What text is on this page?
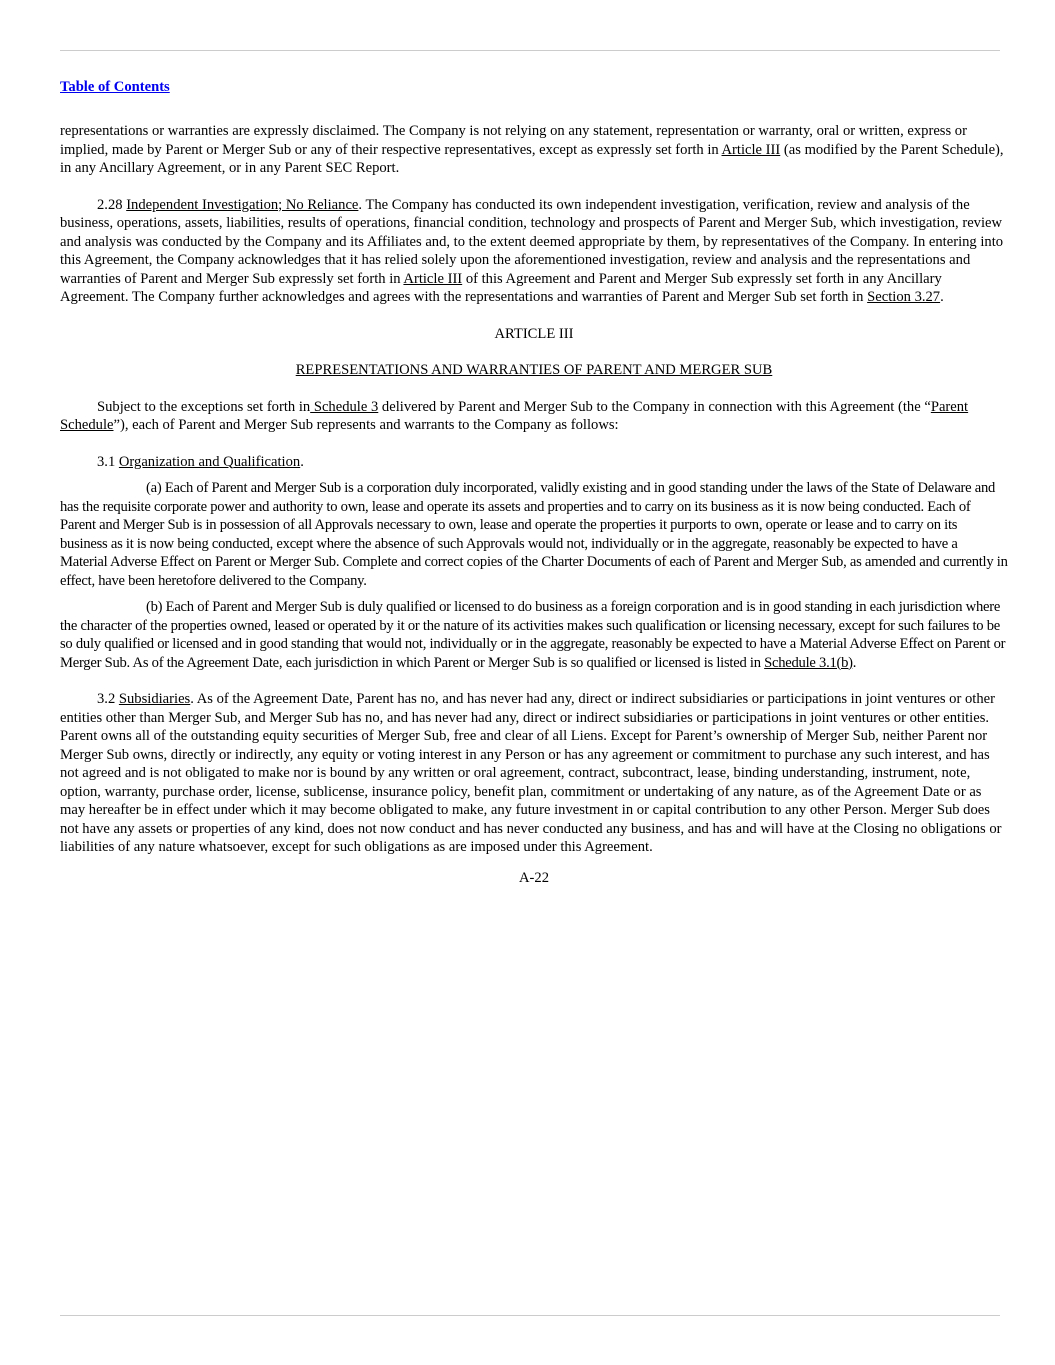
Table of Contents

representations or warranties are expressly disclaimed. The Company is not relying on any statement, representation or warranty, oral or written, express or implied, made by Parent or Merger Sub or any of their respective representatives, except as expressly set forth in Article III (as modified by the Parent Schedule), in any Ancillary Agreement, or in any Parent SEC Report.

2.28 Independent Investigation; No Reliance. The Company has conducted its own independent investigation, verification, review and analysis of the business, operations, assets, liabilities, results of operations, financial condition, technology and prospects of Parent and Merger Sub, which investigation, review and analysis was conducted by the Company and its Affiliates and, to the extent deemed appropriate by them, by representatives of the Company. In entering into this Agreement, the Company acknowledges that it has relied solely upon the aforementioned investigation, review and analysis and the representations and warranties of Parent and Merger Sub expressly set forth in Article III of this Agreement and Parent and Merger Sub expressly set forth in any Ancillary Agreement. The Company further acknowledges and agrees with the representations and warranties of Parent and Merger Sub set forth in Section 3.27.

ARTICLE III

REPRESENTATIONS AND WARRANTIES OF PARENT AND MERGER SUB

Subject to the exceptions set forth in Schedule 3 delivered by Parent and Merger Sub to the Company in connection with this Agreement (the “Parent Schedule”), each of Parent and Merger Sub represents and warrants to the Company as follows:

3.1 Organization and Qualification.

(a) Each of Parent and Merger Sub is a corporation duly incorporated, validly existing and in good standing under the laws of the State of Delaware and has the requisite corporate power and authority to own, lease and operate its assets and properties and to carry on its business as it is now being conducted. Each of Parent and Merger Sub is in possession of all Approvals necessary to own, lease and operate the properties it purports to own, operate or lease and to carry on its business as it is now being conducted, except where the absence of such Approvals would not, individually or in the aggregate, reasonably be expected to have a Material Adverse Effect on Parent or Merger Sub. Complete and correct copies of the Charter Documents of each of Parent and Merger Sub, as amended and currently in effect, have been heretofore delivered to the Company.

(b) Each of Parent and Merger Sub is duly qualified or licensed to do business as a foreign corporation and is in good standing in each jurisdiction where the character of the properties owned, leased or operated by it or the nature of its activities makes such qualification or licensing necessary, except for such failures to be so duly qualified or licensed and in good standing that would not, individually or in the aggregate, reasonably be expected to have a Material Adverse Effect on Parent or Merger Sub. As of the Agreement Date, each jurisdiction in which Parent or Merger Sub is so qualified or licensed is listed in Schedule 3.1(b).

3.2 Subsidiaries. As of the Agreement Date, Parent has no, and has never had any, direct or indirect subsidiaries or participations in joint ventures or other entities other than Merger Sub, and Merger Sub has no, and has never had any, direct or indirect subsidiaries or participations in joint ventures or other entities. Parent owns all of the outstanding equity securities of Merger Sub, free and clear of all Liens. Except for Parent’s ownership of Merger Sub, neither Parent nor Merger Sub owns, directly or indirectly, any equity or voting interest in any Person or has any agreement or commitment to purchase any such interest, and has not agreed and is not obligated to make nor is bound by any written or oral agreement, contract, subcontract, lease, binding understanding, instrument, note, option, warranty, purchase order, license, sublicense, insurance policy, benefit plan, commitment or undertaking of any nature, as of the Agreement Date or as may hereafter be in effect under which it may become obligated to make, any future investment in or capital contribution to any other Person. Merger Sub does not have any assets or properties of any kind, does not now conduct and has never conducted any business, and has and will have at the Closing no obligations or liabilities of any nature whatsoever, except for such obligations as are imposed under this Agreement.

A-22
